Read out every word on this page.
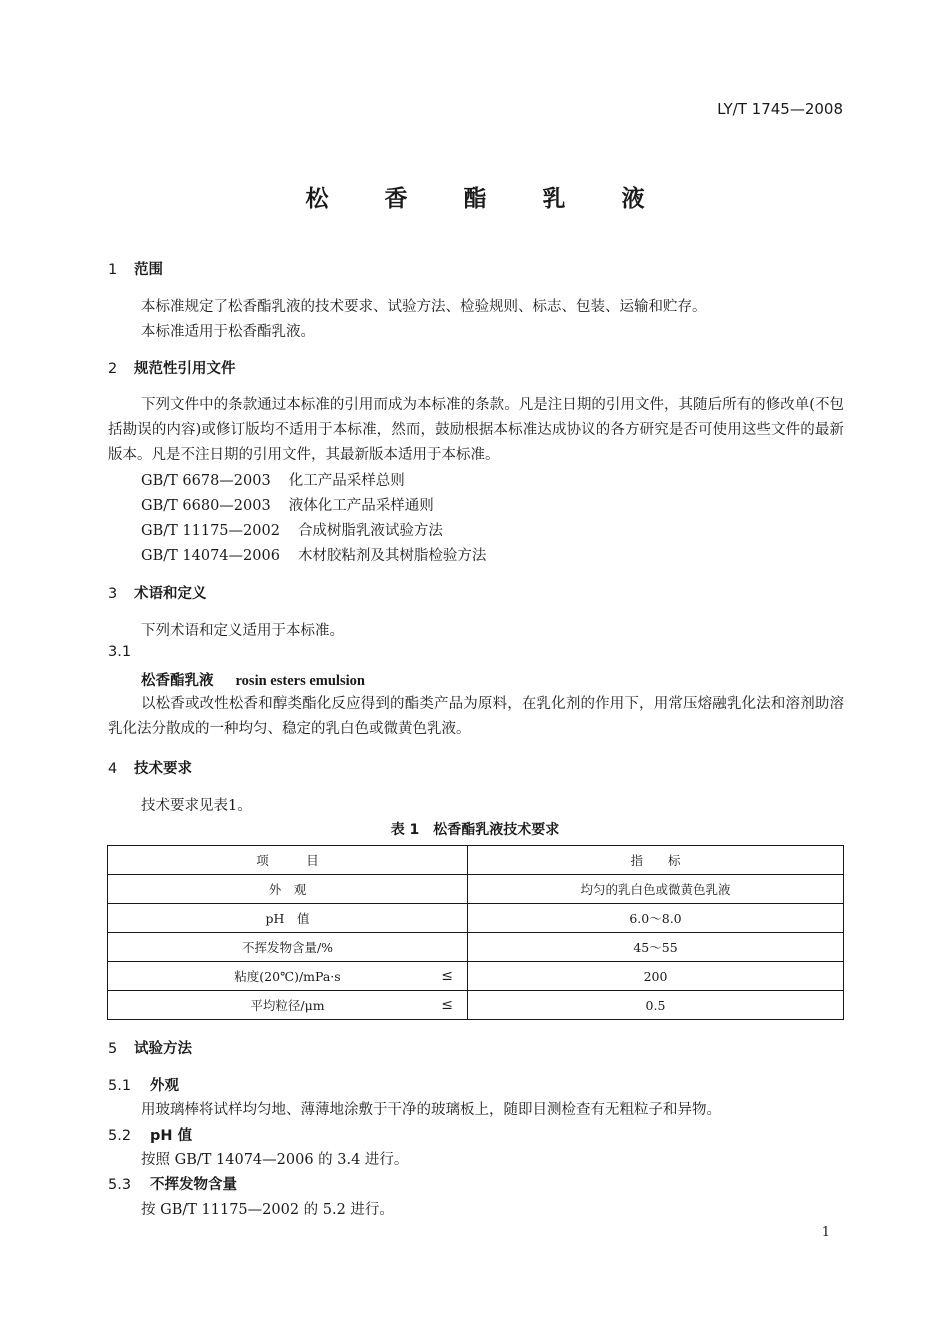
LY/T 1745—2008
松 香 酯 乳 液
1 范围
本标准规定了松香酯乳液的技术要求、试验方法、检验规则、标志、包装、运输和贮存。
本标准适用于松香酯乳液。
2 规范性引用文件
下列文件中的条款通过本标准的引用而成为本标准的条款。凡是注日期的引用文件，其随后所有的修改单(不包括勘误的内容)或修订版均不适用于本标准，然而，鼓励根据本标准达成协议的各方研究是否可使用这些文件的最新版本。凡是不注日期的引用文件，其最新版本适用于本标准。
GB/T 6678—2003 化工产品采样总则
GB/T 6680—2003 液体化工产品采样通则
GB/T 11175—2002 合成树脂乳液试验方法
GB/T 14074—2006 木材胶粘剂及其树脂检验方法
3 术语和定义
下列术语和定义适用于本标准。
3.1
松香酯乳液 rosin esters emulsion
以松香或改性松香和醇类酯化反应得到的酯类产品为原料，在乳化剂的作用下，用常压熔融乳化法和溶剂助溶乳化法分散成的一种均匀、稳定的乳白色或微黄色乳液。
4 技术要求
技术要求见表1。
表 1　松香酯乳液技术要求
项　　　目	指　　标
外　观	均匀的乳白色或微黄色乳液
pH　值	6.0～8.0
不挥发物含量/%	45～55
粘度(20℃)/mPa·s ≤	200
平均粒径/μm ≤	0.5
5 试验方法
5.1 外观
用玻璃棒将试样均匀地、薄薄地涂敷于干净的玻璃板上，随即目测检查有无粗粒子和异物。
5.2 pH 值
按照 GB/T 14074—2006 的 3.4 进行。
5.3 不挥发物含量
按 GB/T 11175—2002 的 5.2 进行。
1
